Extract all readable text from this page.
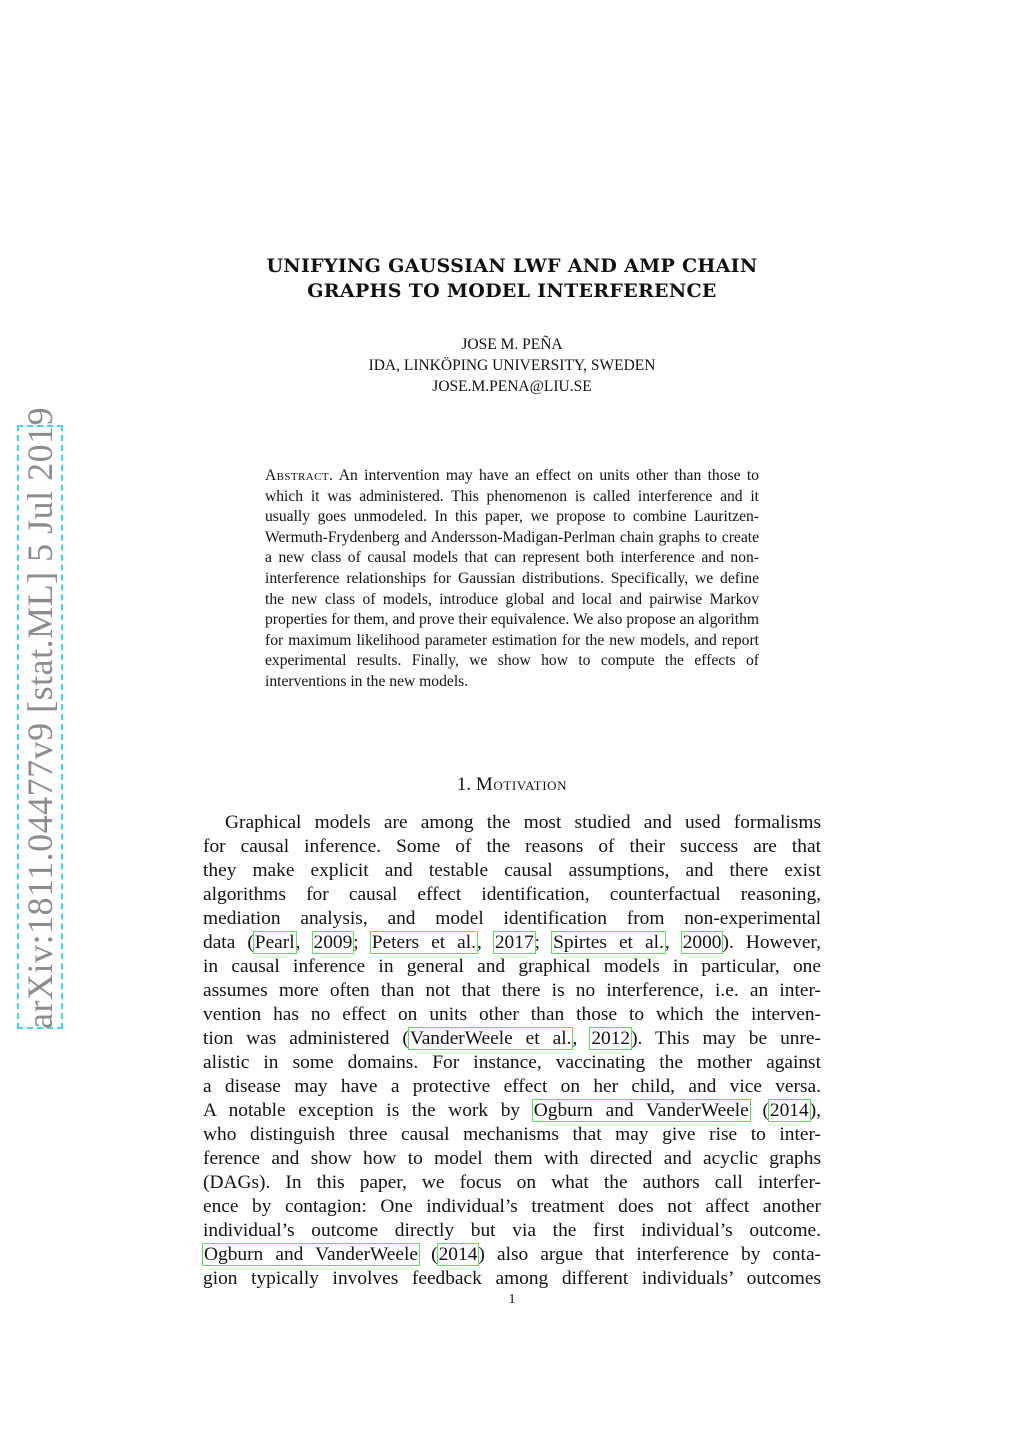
arXiv:1811.04477v9 [stat.ML] 5 Jul 2019
UNIFYING GAUSSIAN LWF AND AMP CHAIN
GRAPHS TO MODEL INTERFERENCE
JOSE M. PEÑA
IDA, LINKÖPING UNIVERSITY, SWEDEN
JOSE.M.PENA@LIU.SE
Abstract. An intervention may have an effect on units other than those to which it was administered. This phenomenon is called interference and it usually goes unmodeled. In this paper, we propose to combine Lauritzen-Wermuth-Frydenberg and Andersson-Madigan-Perlman chain graphs to create a new class of causal models that can represent both interference and non-interference relationships for Gaussian distributions. Specifically, we define the new class of models, introduce global and local and pairwise Markov properties for them, and prove their equivalence. We also propose an algorithm for maximum likelihood parameter estimation for the new models, and report experimental results. Finally, we show how to compute the effects of interventions in the new models.
1. Motivation
Graphical models are among the most studied and used formalisms
for causal inference. Some of the reasons of their success are that
they make explicit and testable causal assumptions, and there exist
algorithms for causal effect identification, counterfactual reasoning,
mediation analysis, and model identification from non-experimental
data (Pearl, 2009; Peters et al., 2017; Spirtes et al., 2000). However,
in causal inference in general and graphical models in particular, one
assumes more often than not that there is no interference, i.e. an inter-
vention has no effect on units other than those to which the interven-
tion was administered (VanderWeele et al., 2012). This may be unre-
alistic in some domains. For instance, vaccinating the mother against
a disease may have a protective effect on her child, and vice versa.
A notable exception is the work by Ogburn and VanderWeele (2014),
who distinguish three causal mechanisms that may give rise to inter-
ference and show how to model them with directed and acyclic graphs
(DAGs). In this paper, we focus on what the authors call interfer-
ence by contagion: One individual’s treatment does not affect another
individual’s outcome directly but via the first individual’s outcome.
Ogburn and VanderWeele (2014) also argue that interference by conta-
gion typically involves feedback among different individuals’ outcomes
1
